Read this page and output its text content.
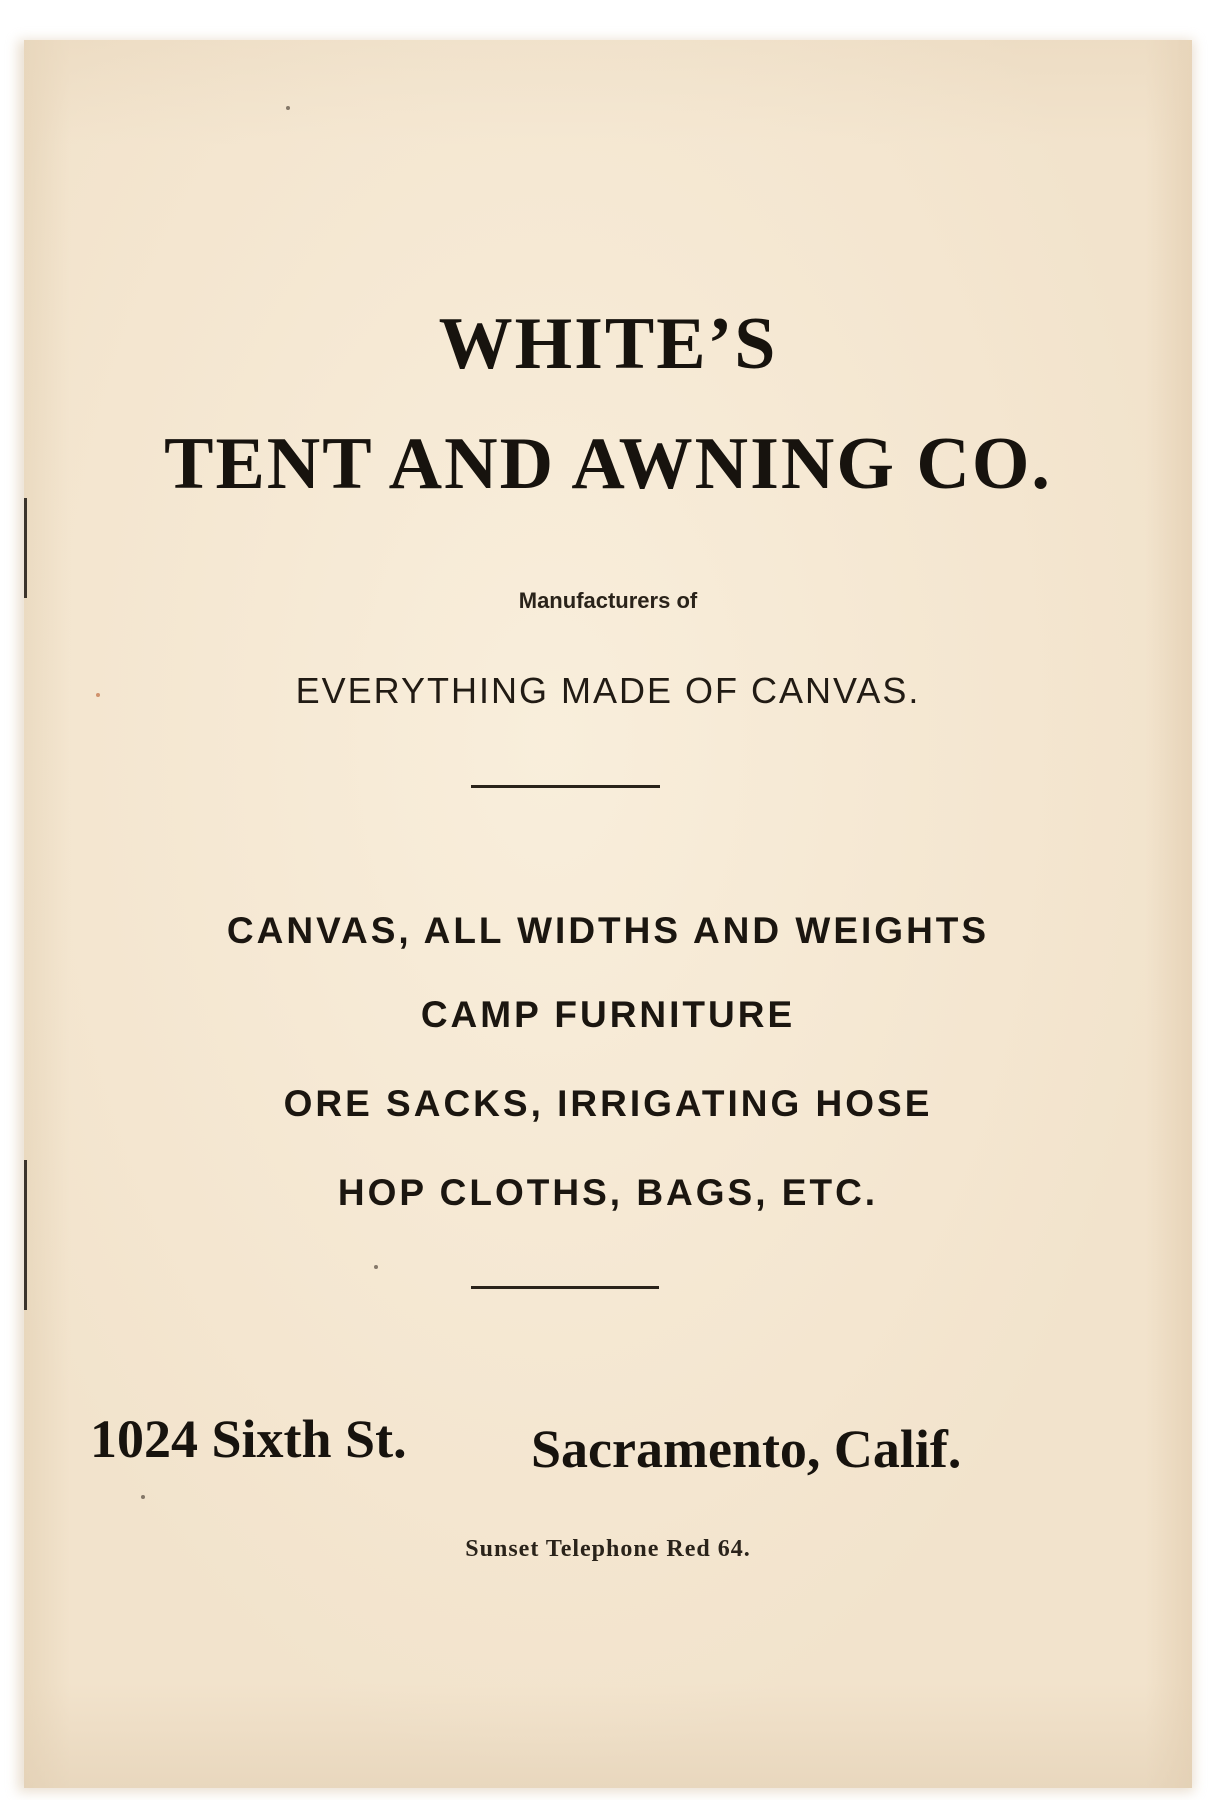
WHITE’S
TENT AND AWNING CO.
Manufacturers of
EVERYTHING MADE OF CANVAS.
CANVAS, ALL WIDTHS AND WEIGHTS
CAMP FURNITURE
ORE SACKS, IRRIGATING HOSE
HOP CLOTHS, BAGS, ETC.
1024 Sixth St. Sacramento, Calif.
Sunset Telephone Red 64.
